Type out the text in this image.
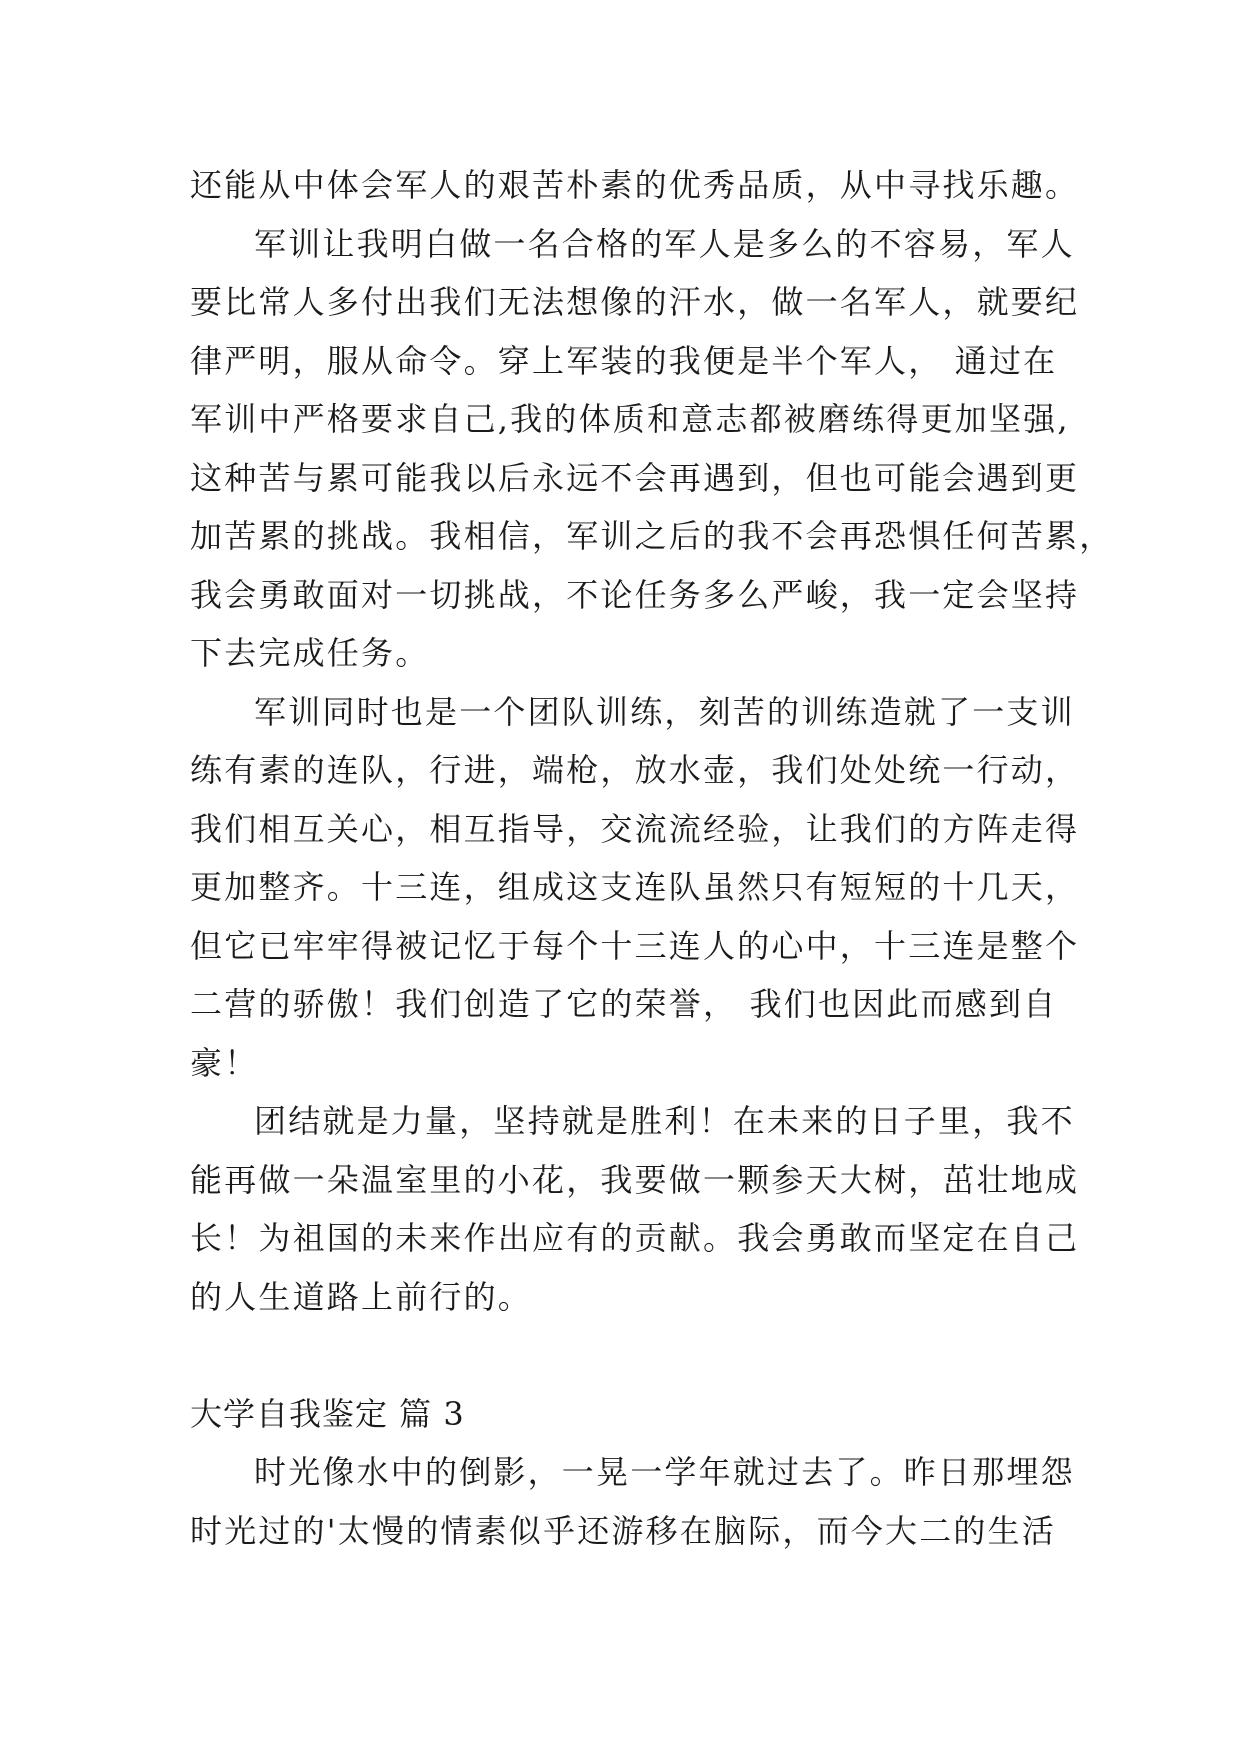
还能从中体会军人的艰苦朴素的优秀品质，从中寻找乐趣。
军训让我明白做一名合格的军人是多么的不容易，军人
要比常人多付出我们无法想像的汗水，做一名军人，就要纪
律严明，服从命令。穿上军装的我便是半个军人， 通过在
军训中严格要求自己,我的体质和意志都被磨练得更加坚强,
这种苦与累可能我以后永远不会再遇到，但也可能会遇到更
加苦累的挑战。我相信，军训之后的我不会再恐惧任何苦累，
我会勇敢面对一切挑战，不论任务多么严峻，我一定会坚持
下去完成任务。
军训同时也是一个团队训练，刻苦的训练造就了一支训
练有素的连队，行进，端枪，放水壶，我们处处统一行动，
我们相互关心，相互指导，交流流经验，让我们的方阵走得
更加整齐。十三连，组成这支连队虽然只有短短的十几天，
但它已牢牢得被记忆于每个十三连人的心中，十三连是整个
二营的骄傲！我们创造了它的荣誉， 我们也因此而感到自
豪！
团结就是力量，坚持就是胜利！在未来的日子里，我不
能再做一朵温室里的小花，我要做一颗参天大树，茁壮地成
长！为祖国的未来作出应有的贡献。我会勇敢而坚定在自己
的人生道路上前行的。
大学自我鉴定 篇 3
时光像水中的倒影，一晃一学年就过去了。昨日那埋怨
时光过的'太慢的情素似乎还游移在脑际，而今大二的生活
